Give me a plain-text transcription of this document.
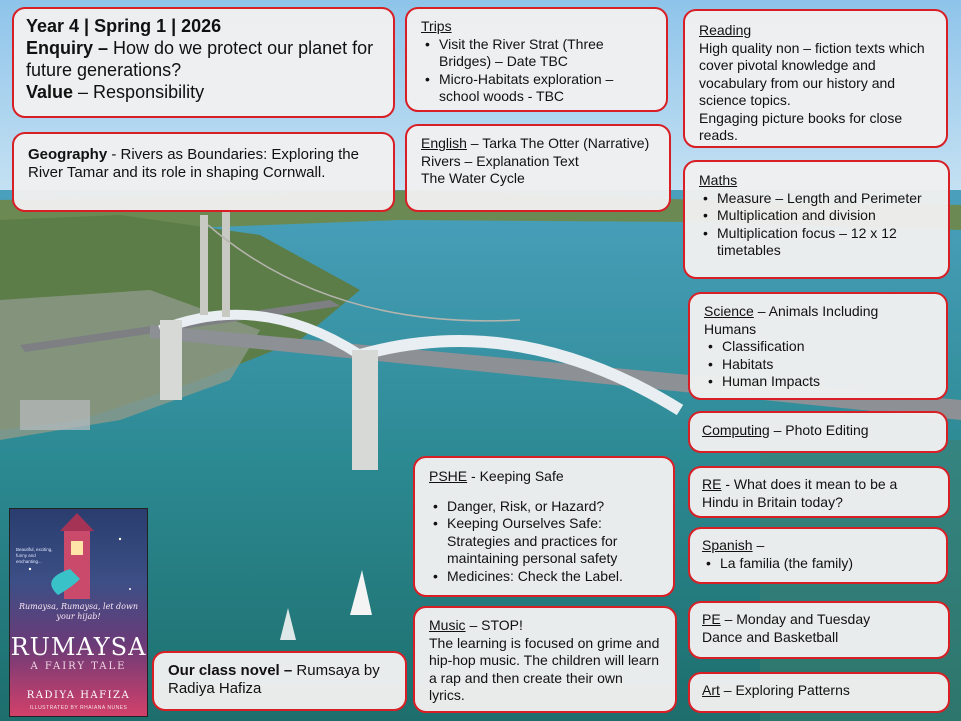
Year 4 | Spring 1 | 2026
Enquiry – How do we protect our planet for future generations?
Value – Responsibility
Geography - Rivers as Boundaries: Exploring the River Tamar and its role in shaping Cornwall.
Trips
• Visit the River Strat (Three Bridges) – Date TBC
• Micro-Habitats exploration – school woods - TBC
English – Tarka The Otter (Narrative)
Rivers – Explanation Text
The Water Cycle
Reading
High quality non – fiction texts which cover pivotal knowledge and vocabulary from our history and science topics.
Engaging picture books for close reads.
Maths
• Measure – Length and Perimeter
• Multiplication and division
• Multiplication focus – 12 x 12 timetables
Science – Animals Including Humans
• Classification
• Habitats
• Human Impacts
Computing – Photo Editing
RE - What does it mean to be a Hindu in Britain today?
Spanish –
• La familia (the family)
PE – Monday and Tuesday
Dance and Basketball
Art – Exploring Patterns
PSHE - Keeping Safe
• Danger, Risk, or Hazard?
• Keeping Ourselves Safe: Strategies and practices for maintaining personal safety
• Medicines: Check the Label.
Music – STOP!
The learning is focused on grime and hip-hop music. The children will learn a rap and then create their own lyrics.
Our class novel – Rumsaya by Radiya Hafiza
Beautiful, exciting, funny and enchanting...
Rumaysa, Rumaysa, let down your hijab!
RUMAYSA
A FAIRY TALE
RADIYA HAFIZA
ILLUSTRATED BY RHAIANA NUNES
